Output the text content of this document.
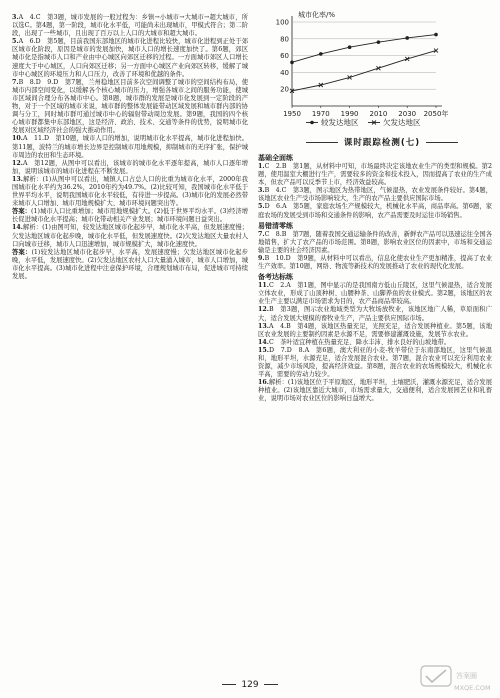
3.A　4.C　第3题，城市发展的一般过程为：乡镇→小城市→大城市→超大城市，所以选C。第4题，第一阶段，城市化水平低，可能尚未出现城市，甲模式符合；第二阶段，出现了一些城市，且出现了百万以上人口的大城市和超大城市。
5.A　6.D　第5题，目前我国东部地区的城市化进程比较快，城市化进程到正处于郊区城市化阶段，原因是城市的发展加快，城市人口的增长速度加快了。第6题，郊区城市化是指城市人口和产业由中心城区向郊区迁移的过程。一方面城市郊区人口增长速度大于中心城区，人口向郊区迁移；另一方面中心城区产业向郊区转移，缓解了城市中心城区的环境压力和人口压力，改善了环境和优越的条件。
7.B　8.D　9.D　第7题，兰州稳地区目前多次空间调整了城市的空间结构布局，使城市内部空间变化，以缓解各个核心城市的压力，增强各城市之间的服务功能，使城市区域间合理分布各城市中心。第8题，城市群的发展是城市化发展到一定阶段的产物，对于一个区域的城市来说，城市群的整体发展能带动区域发展和城市群内部的协调与分工，同时城市群可通过城市中心的辐射带动周边发展。第9题，我国的四个核心城市群都集中东部地区，这是经济、政治、技术、交通等条件的优势，说明城市化发展对区域经济社会的强大推动作用。
10.A　11.D　第10题，城市人口的增加，说明城市化水平提高，城市化进程加快。第11题，波特兰的城市增长边界是控制城市用地规模，抑制城市的无序扩张，保护城市周边的农田和生态环境。
12.A　第12题，从图中可以看出，该城市的城市化水平逐年提高，城市人口逐年增加，说明该城市的城市化进程在不断发展。
13.解析：(1)从图中可以看出，城镇人口占总人口的比重为城市化水平，2000年我国城市化水平约为36.2%，2010年约为49.7%。(2)比较可知，我国城市化水平低于世界平均水平，说明我国城市化水平较低，有待进一步提高。(3)城市化的发展必然带来城市人口增加、城市用地规模扩大、城市环境问题突出等。
答案：(1)城市人口比重增加；城市用地规模扩大。(2)低于世界平均水平。(3)经济增长促进城市化水平提高；城市化带动相关产业发展；城市环境问题日益突出。
14.解析：(1)由图可知，较发达地区城市化起步早，城市化水平高，但发展速度慢；欠发达地区城市化起步晚，城市化水平低，但发展速度快。(2)欠发达地区大量农村人口向城市迁移，城市人口迅速增加，城市规模扩大，城市化速度快。
答案：(1)较发达地区城市化起步早，水平高，发展速度慢；欠发达地区城市化起步晚，水平低，发展速度快。(2)欠发达地区农村人口大量涌入城市，城市人口增加，城市化水平提高。(3)城市化进程中注意保护环境，合理规划城市布局，促进城市可持续发展。
20
40
60
80
100
1950 1970 1990 2010 2030 2050年
城市化率/%
较发达地区	欠发达地区
课时跟踪检测(七)
基础全面练
1.C　2.B　第1题，从材料中可知，市场最终决定该地农业生产的类型和规模。第2题，使用温室大棚进行生产，需要较多的资金和技术投入，因而提高了农业的生产成本，但农产品可以反季节上市，经济效益较高。
3.B　4.C　第3题，图示地区为热带地区，气候湿热，农业发展条件较好。第4题，该地区农业生产受市场影响较大，生产的农产品主要供应国际市场。
5.D　6.A　第5题，家庭农场生产规模较大，机械化水平高，商品率高。第6题，家庭农场的发展受到市场和交通条件的影响，农产品需要及时运往市场销售。
易错清零练
7.C　8.B　第7题，随着我国交通运输条件的改善，新鲜农产品可以迅速运往全国各地销售，扩大了农产品的市场范围。第8题，影响农业区位的因素中，市场和交通运输是主要的社会经济因素。
9.B　10.D　第9题，从材料中可以看出，信息化使农业生产更加精准，提高了农业生产效率。第10题，网络、物流等新技术的发展推动了农业的现代化发展。
备考达标练
11.C　2.A　第1题，图中显示的是我国南方低山丘陵区，这里气候湿热，适合发展立体农业，形成了山顶种树、山腰种茶、山脚养鱼的农业模式。第2题，该地区的农业生产主要以满足市场需求为目的，农产品商品率较高。
12.B　第3题，图示农业地域类型为大牧场放牧业，该地区地广人稀，草原面积广大，适合发展大规模的畜牧业生产，产品主要供应国际市场。
13.A　4.B　第4题，该地区热量充足，光照充足，适合发展种植业。第5题，该地区农业发展的主要制约因素是水源不足，需要修建灌溉设施，发展节水农业。
14.C　茶叶适宜种植在热量充足、降水丰沛、排水良好的山坡地带。
15.D　7.D　8.A　第6题，澳大利亚的小麦-牧羊带位于东南部地区，这里气候温和，地形平坦，水源充足，适合发展混合农业。第7题，混合农业可以充分利用农业资源，减少市场风险，提高经济效益。第8题，混合农业的农场规模较大，机械化水平高，需要的劳动力较少。
16.解析：(1)该地区位于平原地区，地形平坦，土壤肥沃，灌溉水源充足，适合发展种植业。(2)该地区靠近大城市，市场需求量大，交通便利，适合发展园艺业和乳畜业，说明市场对农业区位的影响日益增大。
129
答案圈
MXQE.COM
